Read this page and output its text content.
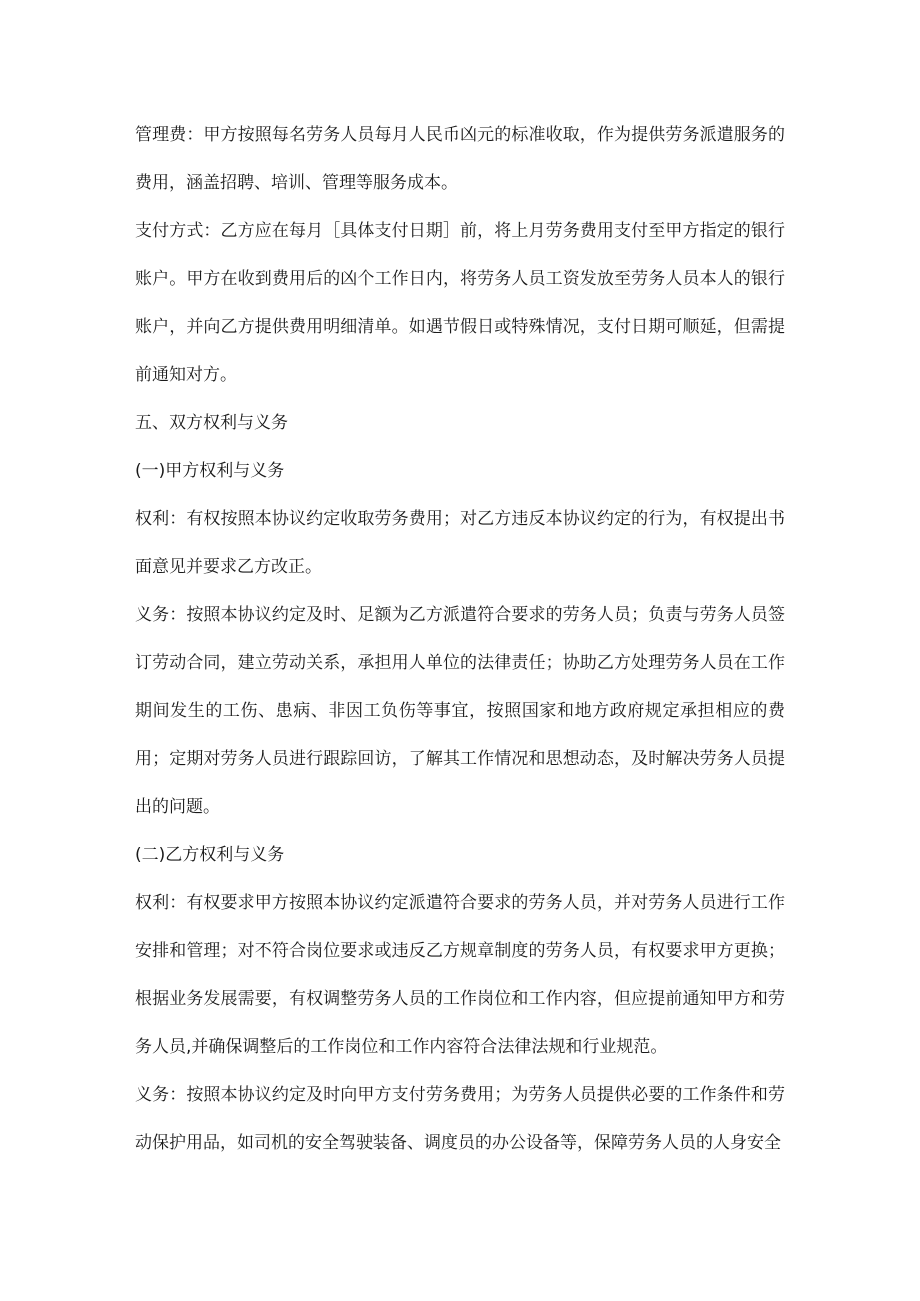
管理费：甲方按照每名劳务人员每月人民币凶元的标准收取，作为提供劳务派遣服务的费用，涵盖招聘、培训、管理等服务成本。

支付方式：乙方应在每月［具体支付日期］前，将上月劳务费用支付至甲方指定的银行账户。甲方在收到费用后的凶个工作日内，将劳务人员工资发放至劳务人员本人的银行账户，并向乙方提供费用明细清单。如遇节假日或特殊情况，支付日期可顺延，但需提前通知对方。

五、双方权利与义务

(一)甲方权利与义务

权利：有权按照本协议约定收取劳务费用；对乙方违反本协议约定的行为，有权提出书面意见并要求乙方改正。

义务：按照本协议约定及时、足额为乙方派遣符合要求的劳务人员；负责与劳务人员签订劳动合同，建立劳动关系，承担用人单位的法律责任；协助乙方处理劳务人员在工作期间发生的工伤、患病、非因工负伤等事宜，按照国家和地方政府规定承担相应的费用；定期对劳务人员进行跟踪回访，了解其工作情况和思想动态，及时解决劳务人员提出的问题。

(二)乙方权利与义务

权利：有权要求甲方按照本协议约定派遣符合要求的劳务人员，并对劳务人员进行工作安排和管理；对不符合岗位要求或违反乙方规章制度的劳务人员，有权要求甲方更换；根据业务发展需要，有权调整劳务人员的工作岗位和工作内容，但应提前通知甲方和劳务人员,并确保调整后的工作岗位和工作内容符合法律法规和行业规范。

义务：按照本协议约定及时向甲方支付劳务费用；为劳务人员提供必要的工作条件和劳动保护用品，如司机的安全驾驶装备、调度员的办公设备等，保障劳务人员的人身安全
